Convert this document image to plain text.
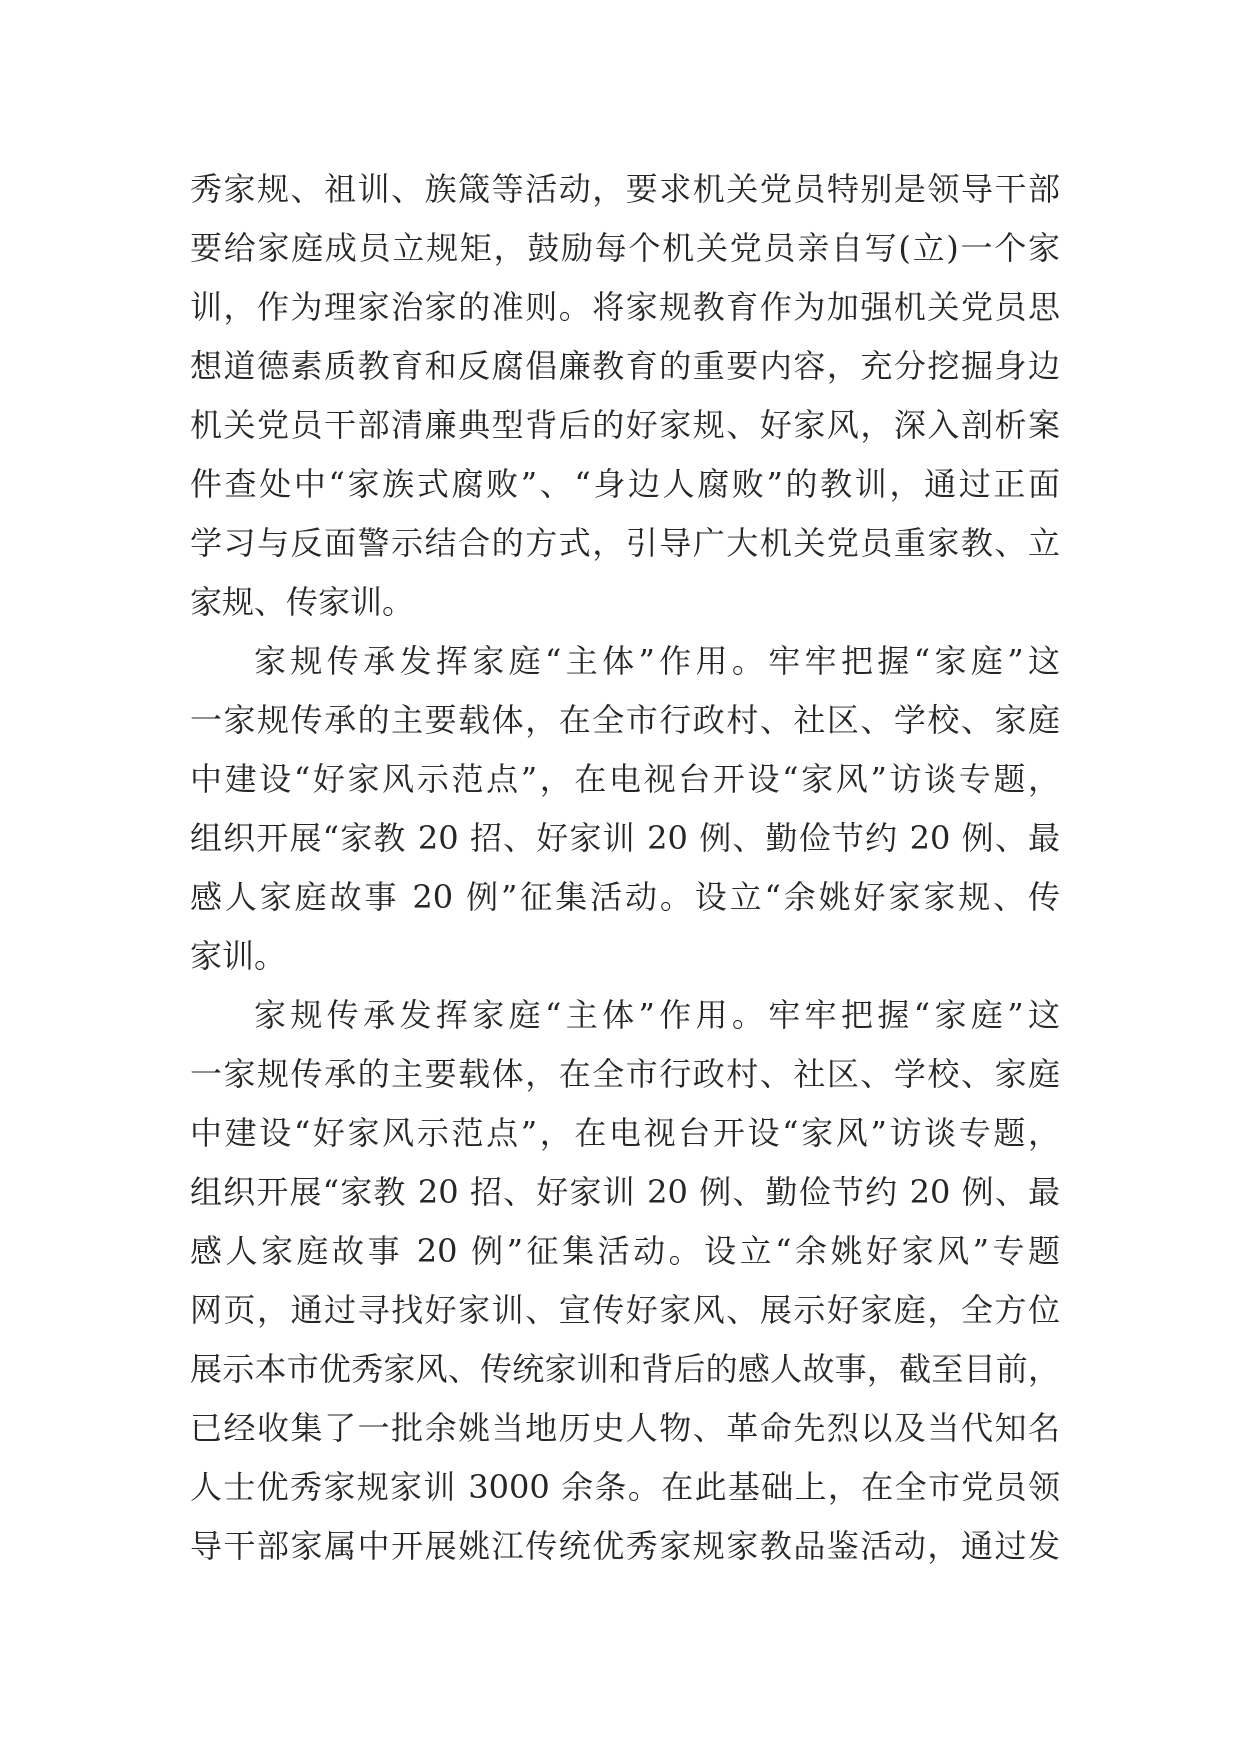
秀家规、祖训、族箴等活动，要求机关党员特别是领导干部
要给家庭成员立规矩，鼓励每个机关党员亲自写(立)一个家
训，作为理家治家的准则。将家规教育作为加强机关党员思
想道德素质教育和反腐倡廉教育的重要内容，充分挖掘身边
机关党员干部清廉典型背后的好家规、好家风，深入剖析案
件查处中“家族式腐败”、“身边人腐败”的教训，通过正面
学习与反面警示结合的方式，引导广大机关党员重家教、立
家规、传家训。
家规传承发挥家庭“主体”作用。牢牢把握“家庭”这
一家规传承的主要载体，在全市行政村、社区、学校、家庭
中建设“好家风示范点”，在电视台开设“家风”访谈专题，
组织开展“家教 20 招、好家训 20 例、勤俭节约 20 例、最
感人家庭故事 20 例”征集活动。设立“余姚好家家规、传
家训。
家规传承发挥家庭“主体”作用。牢牢把握“家庭”这
一家规传承的主要载体，在全市行政村、社区、学校、家庭
中建设“好家风示范点”，在电视台开设“家风”访谈专题，
组织开展“家教 20 招、好家训 20 例、勤俭节约 20 例、最
感人家庭故事 20 例”征集活动。设立“余姚好家风”专题
网页，通过寻找好家训、宣传好家风、展示好家庭，全方位
展示本市优秀家风、传统家训和背后的感人故事，截至目前，
已经收集了一批余姚当地历史人物、革命先烈以及当代知名
人士优秀家规家训 3000 余条。在此基础上，在全市党员领
导干部家属中开展姚江传统优秀家规家教品鉴活动，通过发
